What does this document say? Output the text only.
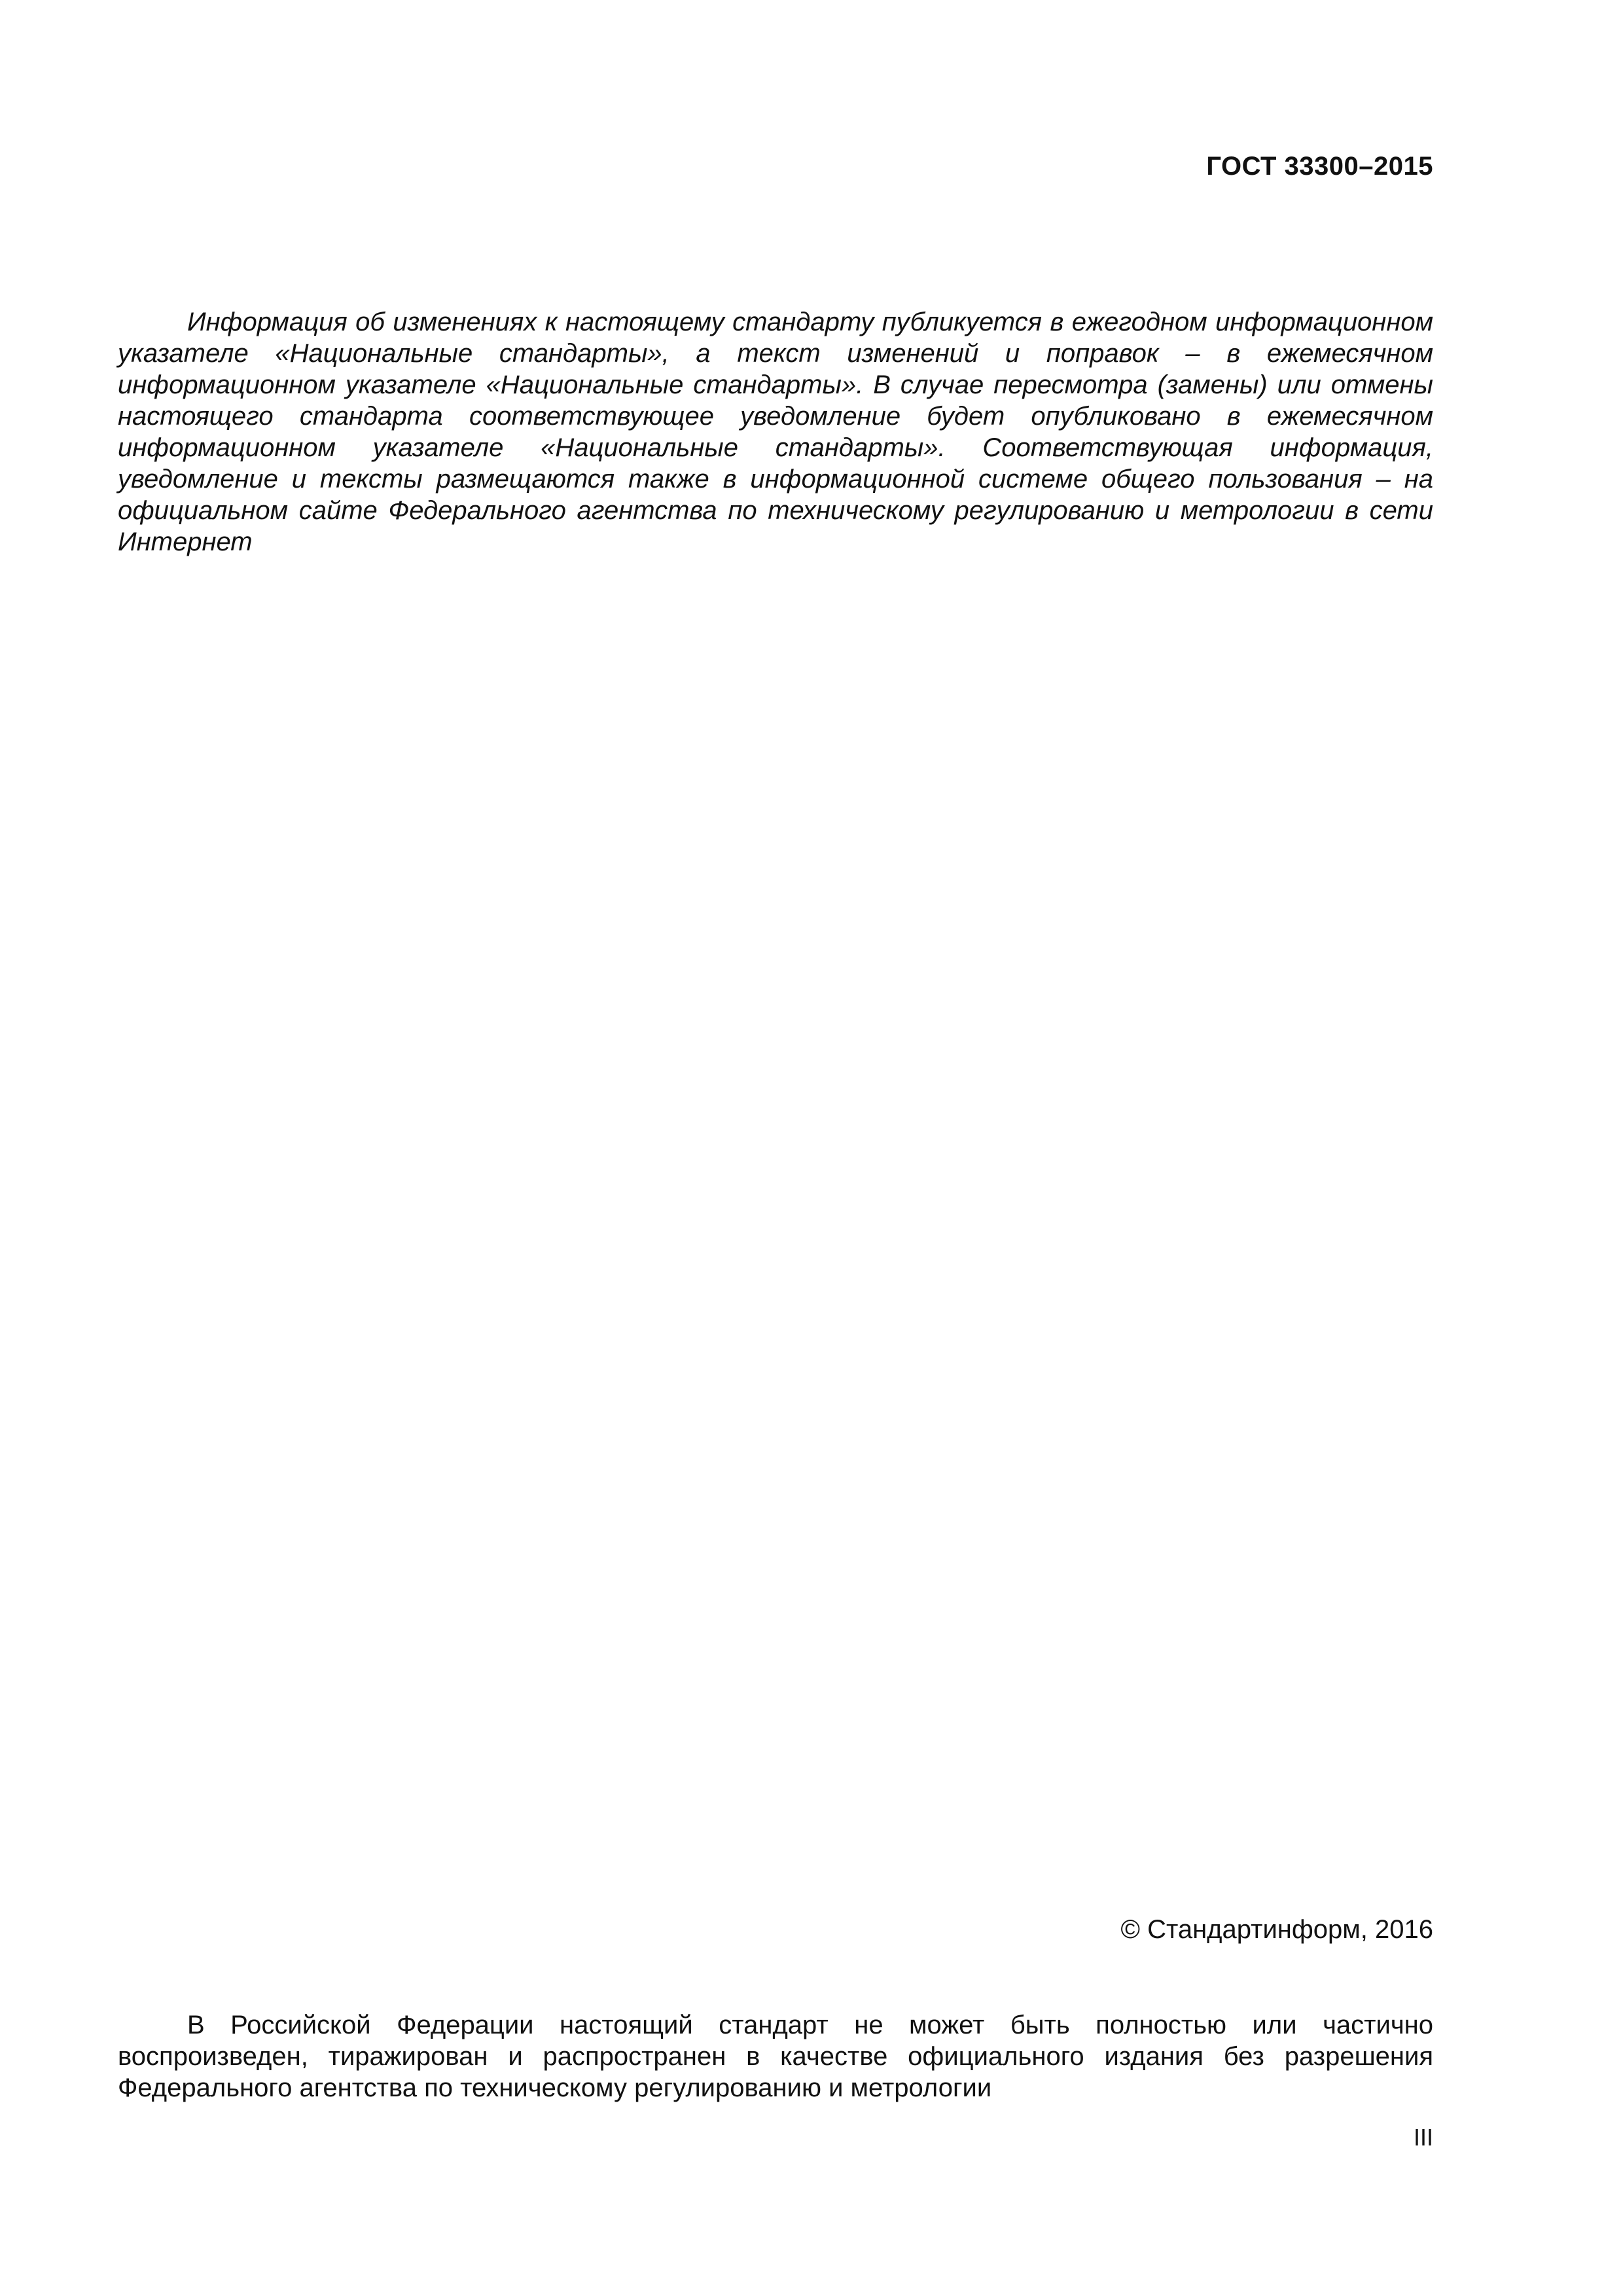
ГОСТ 33300–2015

Информация об изменениях к настоящему стандарту публикуется в ежегодном информационном указателе «Национальные стандарты», а текст изменений и поправок – в ежемесячном информационном указателе «Национальные стандарты». В случае пересмотра (замены) или отмены настоящего стандарта соответствующее уведомление будет опубликовано в ежемесячном информационном указателе «Национальные стандарты». Соответствующая информация, уведомление и тексты размещаются также в информационной системе общего пользования – на официальном сайте Федерального агентства по техническому регулированию и метрологии в сети Интернет

© Стандартинформ, 2016

В Российской Федерации настоящий стандарт не может быть полностью или частично воспроизведен, тиражирован и распространен в качестве официального издания без разрешения Федерального агентства по техническому регулированию и метрологии

III
